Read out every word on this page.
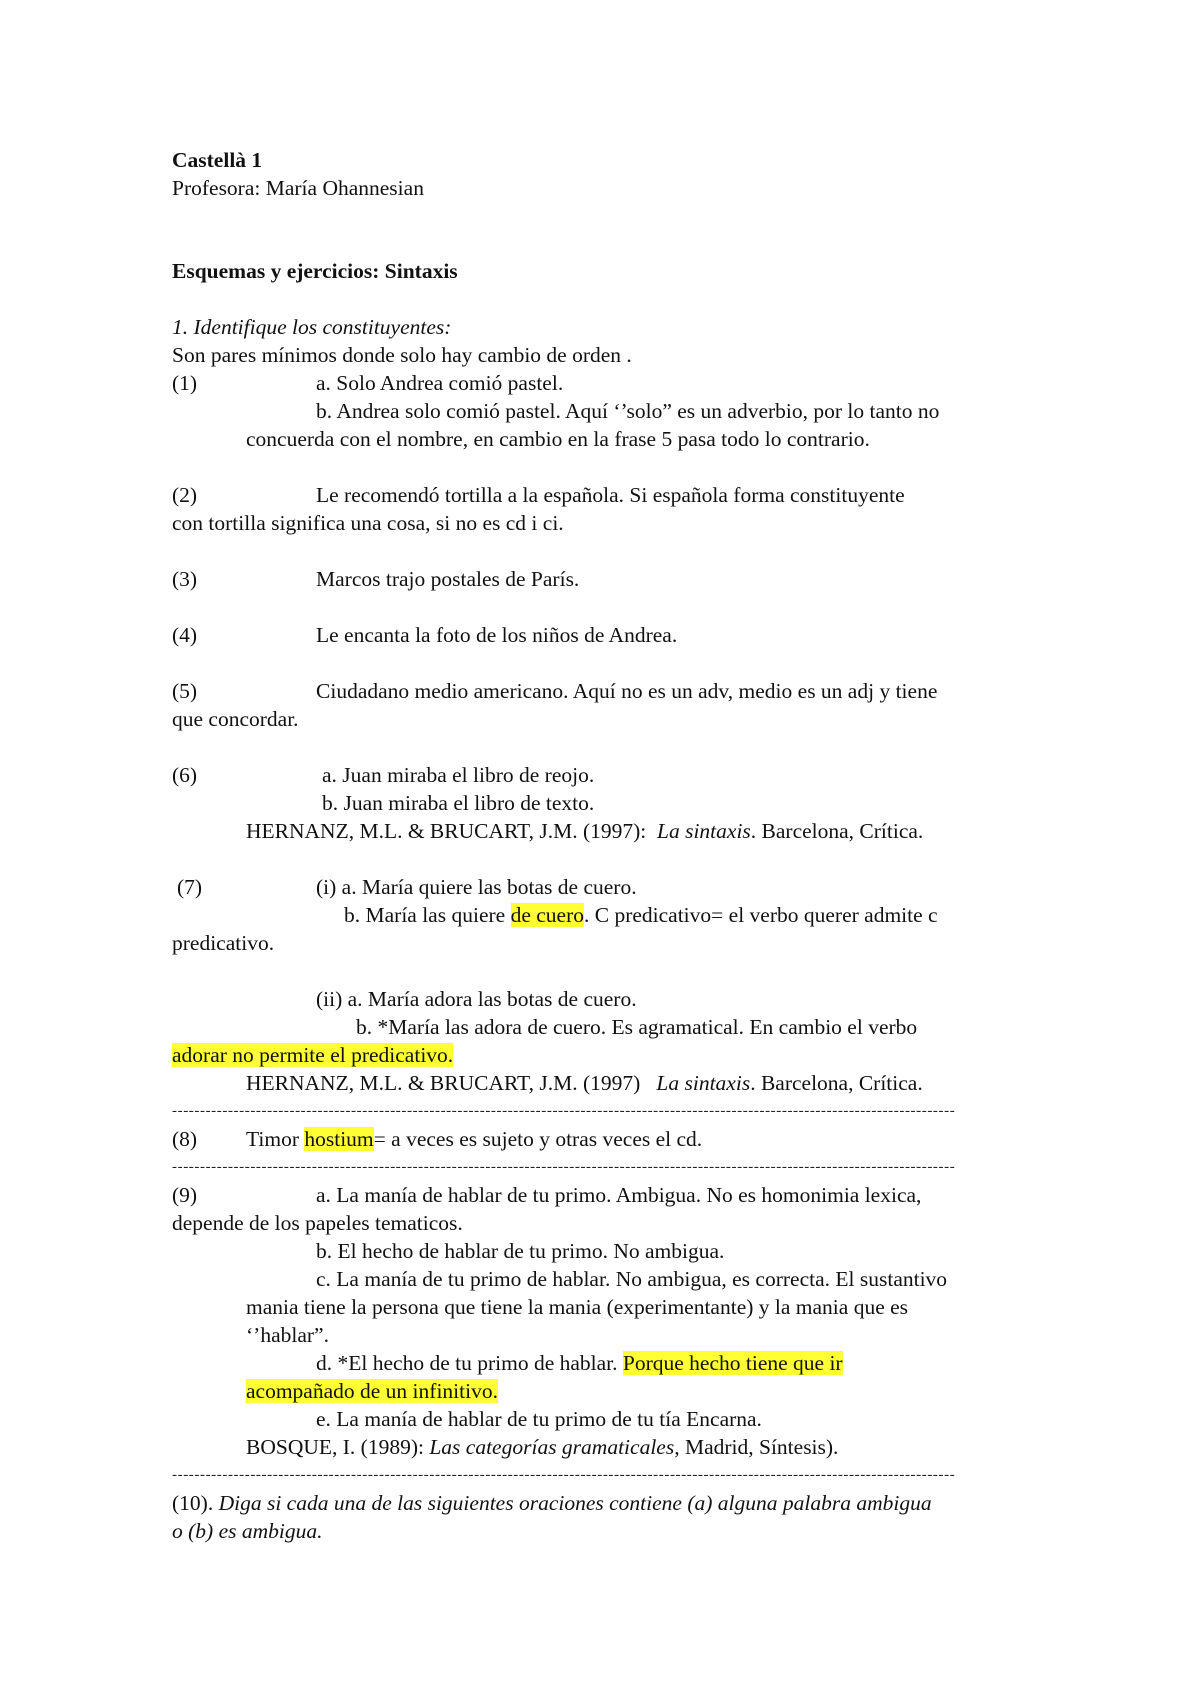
Castellà 1
Profesora: María Ohannesian
Esquemas y ejercicios: Sintaxis
1. Identifique los constituyentes:
Son pares mínimos donde solo hay cambio de orden .
(1)	a. Solo Andrea comió pastel.
b. Andrea solo comió pastel. Aquí ‘’solo” es un adverbio, por lo tanto no
concuerda con el nombre, en cambio en la frase 5 pasa todo lo contrario.
(2)	Le recomendó tortilla a la española. Si española forma constituyente
con tortilla significa una cosa, si no es cd i ci.
(3)	Marcos trajo postales de París.
(4)	Le encanta la foto de los niños de Andrea.
(5)	Ciudadano medio americano. Aquí no es un adv, medio es un adj y tiene
que concordar.
(6)	a. Juan miraba el libro de reojo.
b. Juan miraba el libro de texto.
HERNANZ, M.L. & BRUCART, J.M. (1997): La sintaxis. Barcelona, Crítica.
(7)	(i) a. María quiere las botas de cuero.
b. María las quiere de cuero. C predicativo= el verbo querer admite c
predicativo.
(ii) a. María adora las botas de cuero.
b. *María las adora de cuero. Es agramatical. En cambio el verbo
adorar no permite el predicativo.
HERNANZ, M.L. & BRUCART, J.M. (1997) La sintaxis. Barcelona, Crítica.
--------------------------------------------------------------------------------------------------------------------------------------------
(8) Timor hostium= a veces es sujeto y otras veces el cd.
--------------------------------------------------------------------------------------------------------------------------------------------
(9)	a. La manía de hablar de tu primo. Ambigua. No es homonimia lexica,
depende de los papeles tematicos.
b. El hecho de hablar de tu primo. No ambigua.
c. La manía de tu primo de hablar. No ambigua, es correcta. El sustantivo
mania tiene la persona que tiene la mania (experimentante) y la mania que es
‘’hablar”.
d. *El hecho de tu primo de hablar. Porque hecho tiene que ir
acompañado de un infinitivo.
e. La manía de hablar de tu primo de tu tía Encarna.
BOSQUE, I. (1989): Las categorías gramaticales, Madrid, Síntesis).
--------------------------------------------------------------------------------------------------------------------------------------------
(10). Diga si cada una de las siguientes oraciones contiene (a) alguna palabra ambigua
o (b) es ambigua.
